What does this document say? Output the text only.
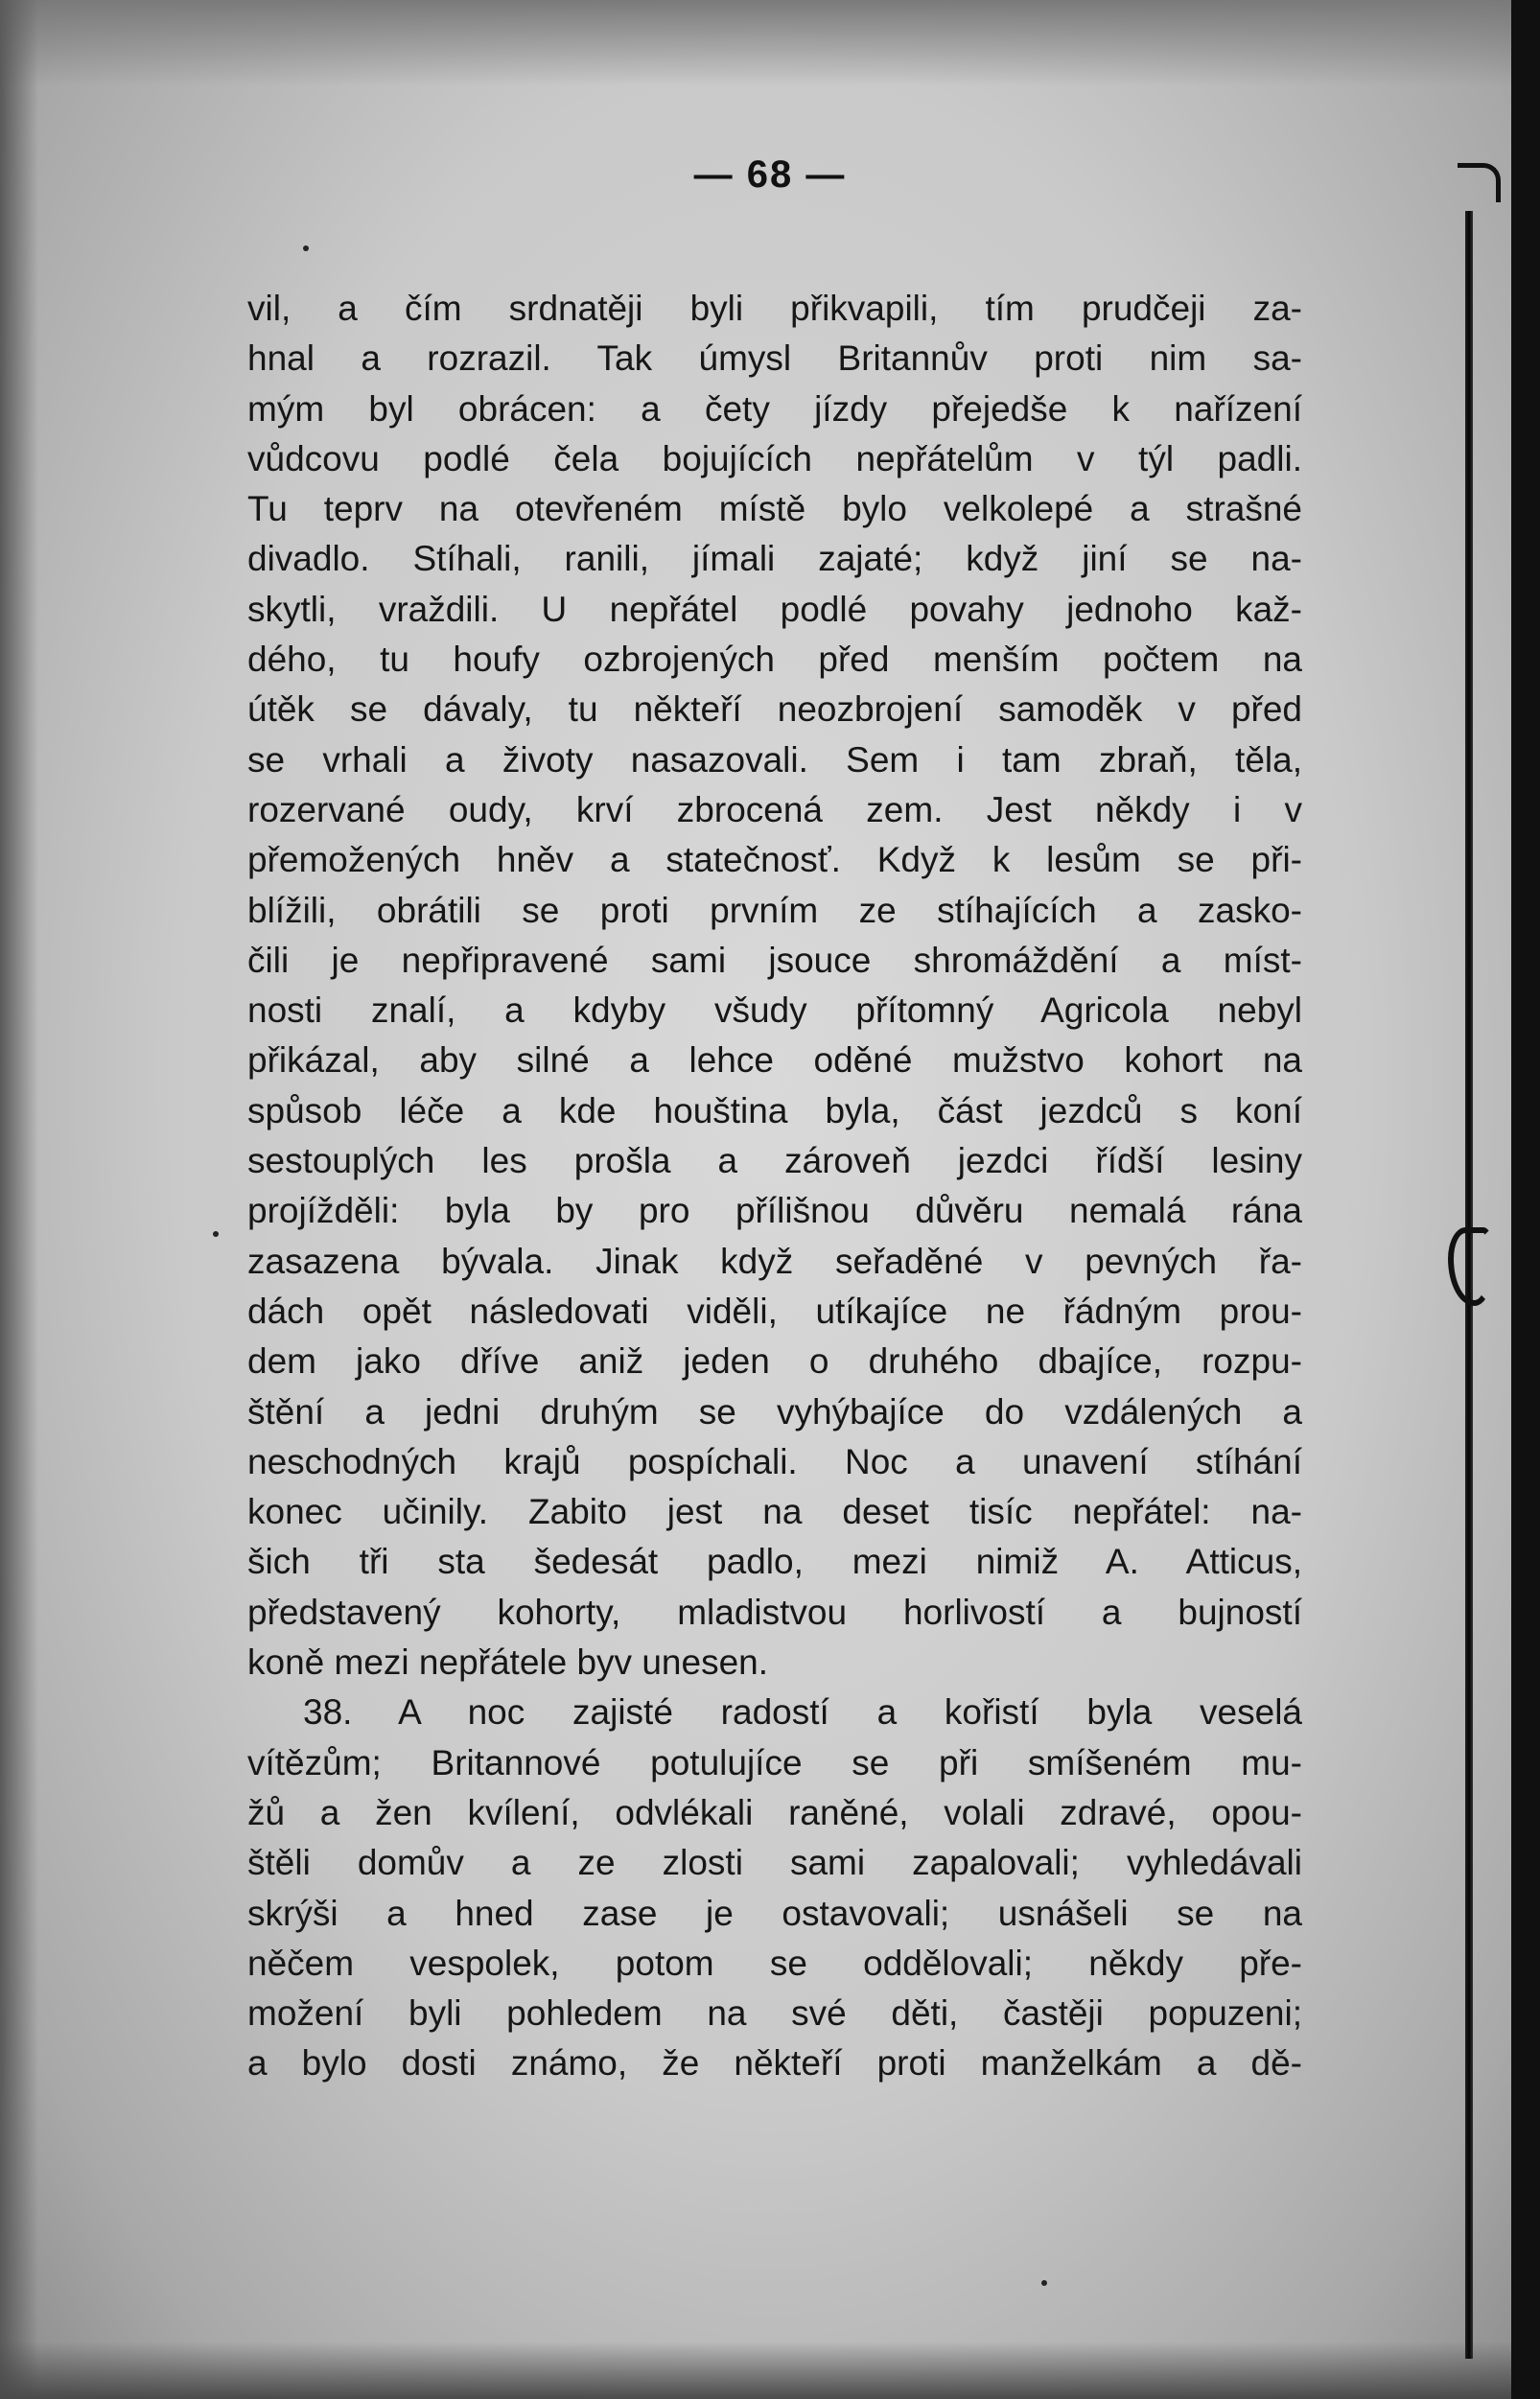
— 68 —
vil, a čím srdnatěji byli přikvapili, tím prudčeji za-
hnal a rozrazil. Tak úmysl Britannův proti nim sa-
mým byl obrácen: a čety jízdy přejedše k nařízení
vůdcovu podlé čela bojujících nepřátelům v týl padli.
Tu teprv na otevřeném místě bylo velkolepé a strašné
divadlo. Stíhali, ranili, jímali zajaté; když jiní se na-
skytli, vraždili. U nepřátel podlé povahy jednoho kaž-
dého, tu houfy ozbrojených před menším počtem na
útěk se dávaly, tu někteří neozbrojení samoděk v před
se vrhali a životy nasazovali. Sem i tam zbraň, těla,
rozervané oudy, krví zbrocená zem. Jest někdy i v
přemožených hněv a statečnosť. Když k lesům se při-
blížili, obrátili se proti prvním ze stíhajících a zasko-
čili je nepřipravené sami jsouce shromáždění a míst-
nosti znalí, a kdyby všudy přítomný Agricola nebyl
přikázal, aby silné a lehce oděné mužstvo kohort na
spůsob léče a kde houština byla, část jezdců s koní
sestouplých les prošla a zároveň jezdci řídší lesiny
projížděli: byla by pro přílišnou důvěru nemalá rána
zasazena bývala. Jinak když seřaděné v pevných řa-
dách opět následovati viděli, utíkajíce ne řádným prou-
dem jako dříve aniž jeden o druhého dbajíce, rozpu-
štění a jedni druhým se vyhýbajíce do vzdálených a
neschodných krajů pospíchali. Noc a unavení stíhání
konec učinily. Zabito jest na deset tisíc nepřátel: na-
šich tři sta šedesát padlo, mezi nimiž A. Atticus,
představený kohorty, mladistvou horlivostí a bujností
koně mezi nepřátele byv unesen.
38. A noc zajisté radostí a kořistí byla veselá
vítězům; Britannové potulujíce se při smíšeném mu-
žů a žen kvílení, odvlékali raněné, volali zdravé, opou-
štěli domův a ze zlosti sami zapalovali; vyhledávali
skrýši a hned zase je ostavovali; usnášeli se na
něčem vespolek, potom se oddělovali; někdy pře-
možení byli pohledem na své děti, častěji popuzeni;
a bylo dosti známo, že někteří proti manželkám a dě-
